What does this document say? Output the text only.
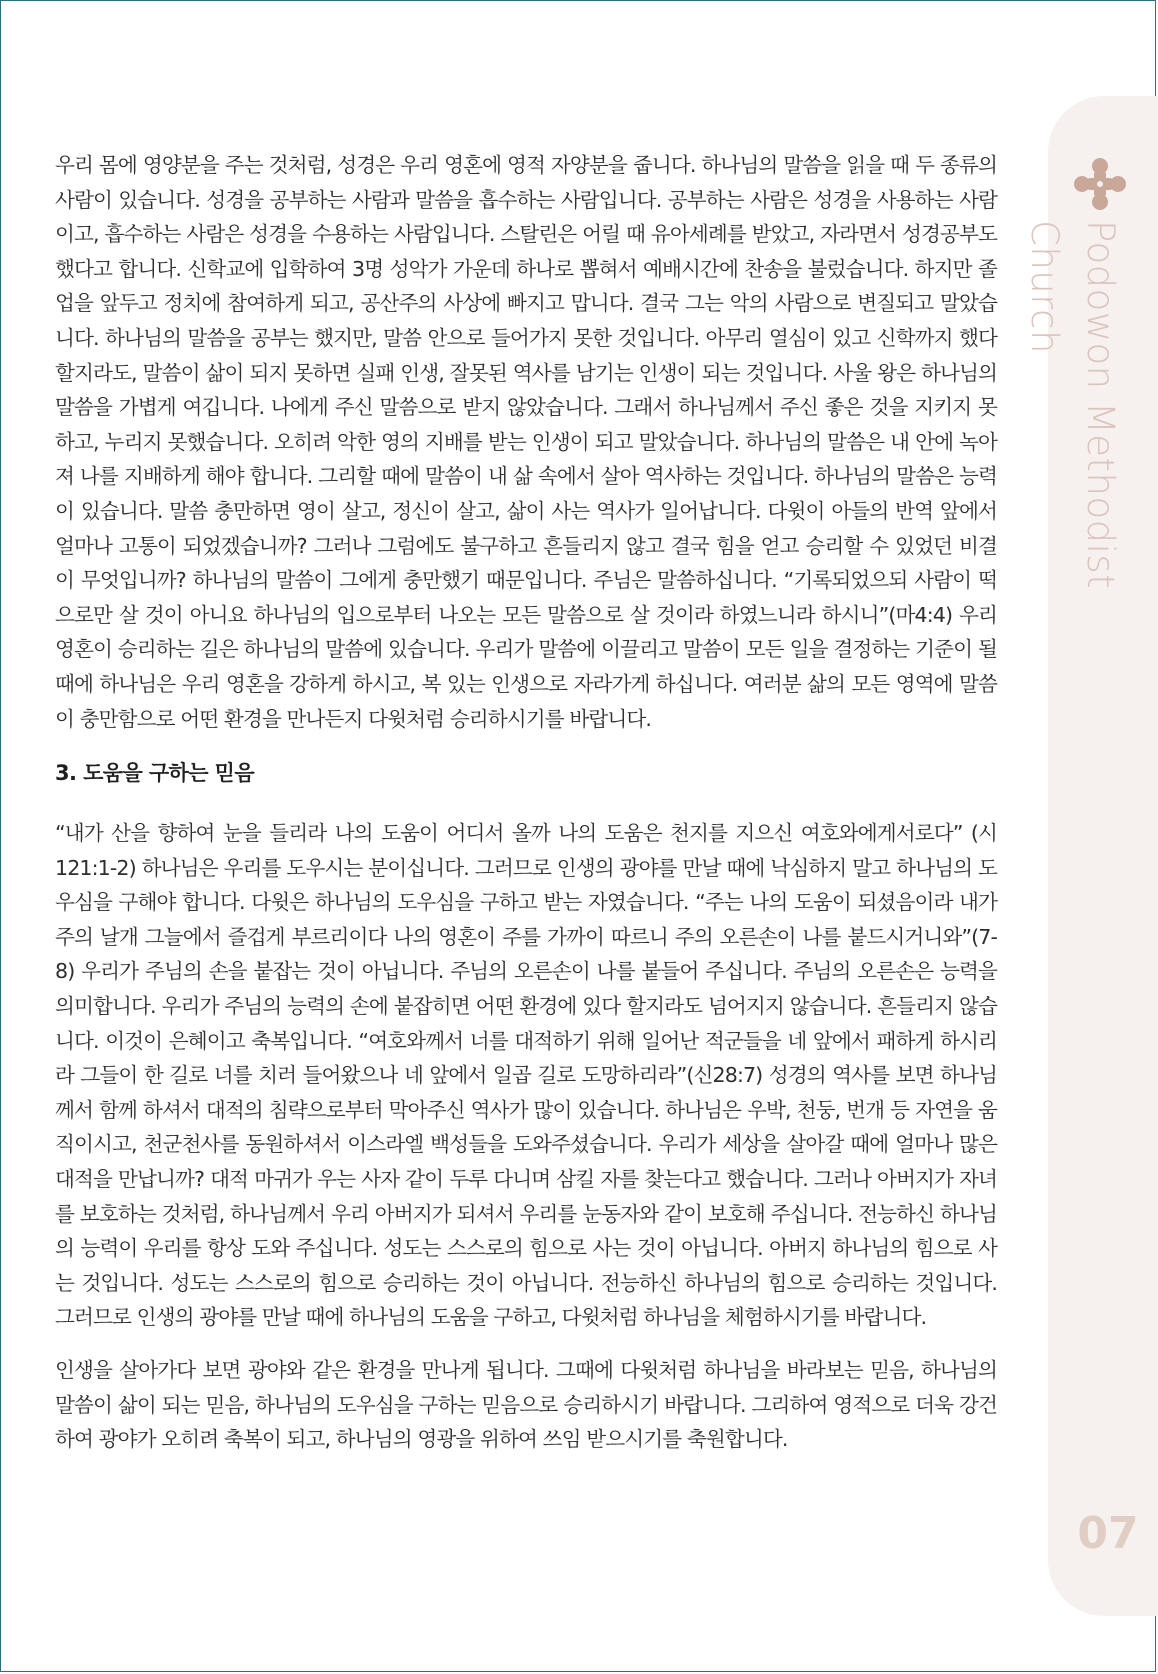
우리 몸에 영양분을 주는 것처럼, 성경은 우리 영혼에 영적 자양분을 줍니다. 하나님의 말씀을 읽을 때 두 종류의 사람이 있습니다. 성경을 공부하는 사람과 말씀을 흡수하는 사람입니다. 공부하는 사람은 성경을 사용하는 사람이고, 흡수하는 사람은 성경을 수용하는 사람입니다. 스탈린은 어릴 때 유아세례를 받았고, 자라면서 성경공부도 했다고 합니다. 신학교에 입학하여 3명 성악가 가운데 하나로 뽑혀서 예배시간에 찬송을 불렀습니다. 하지만 졸업을 앞두고 정치에 참여하게 되고, 공산주의 사상에 빠지고 맙니다. 결국 그는 악의 사람으로 변질되고 말았습니다. 하나님의 말씀을 공부는 했지만, 말씀 안으로 들어가지 못한 것입니다. 아무리 열심이 있고 신학까지 했다 할지라도, 말씀이 삶이 되지 못하면 실패 인생, 잘못된 역사를 남기는 인생이 되는 것입니다. 사울 왕은 하나님의 말씀을 가볍게 여깁니다. 나에게 주신 말씀으로 받지 않았습니다. 그래서 하나님께서 주신 좋은 것을 지키지 못하고, 누리지 못했습니다. 오히려 악한 영의 지배를 받는 인생이 되고 말았습니다. 하나님의 말씀은 내 안에 녹아져 나를 지배하게 해야 합니다. 그리할 때에 말씀이 내 삶 속에서 살아 역사하는 것입니다. 하나님의 말씀은 능력이 있습니다. 말씀 충만하면 영이 살고, 정신이 살고, 삶이 사는 역사가 일어납니다. 다윗이 아들의 반역 앞에서 얼마나 고통이 되었겠습니까? 그러나 그럼에도 불구하고 흔들리지 않고 결국 힘을 얻고 승리할 수 있었던 비결이 무엇입니까? 하나님의 말씀이 그에게 충만했기 때문입니다. 주님은 말씀하십니다. “기록되었으되 사람이 떡으로만 살 것이 아니요 하나님의 입으로부터 나오는 모든 말씀으로 살 것이라 하였느니라 하시니”(마4:4) 우리 영혼이 승리하는 길은 하나님의 말씀에 있습니다. 우리가 말씀에 이끌리고 말씀이 모든 일을 결정하는 기준이 될 때에 하나님은 우리 영혼을 강하게 하시고, 복 있는 인생으로 자라가게 하십니다. 여러분 삶의 모든 영역에 말씀이 충만함으로 어떤 환경을 만나든지 다윗처럼 승리하시기를 바랍니다.

3. 도움을 구하는 믿음

“내가 산을 향하여 눈을 들리라 나의 도움이 어디서 올까 나의 도움은 천지를 지으신 여호와에게서로다” (시121:1-2) 하나님은 우리를 도우시는 분이십니다. 그러므로 인생의 광야를 만날 때에 낙심하지 말고 하나님의 도우심을 구해야 합니다. 다윗은 하나님의 도우심을 구하고 받는 자였습니다. “주는 나의 도움이 되셨음이라 내가 주의 날개 그늘에서 즐겁게 부르리이다 나의 영혼이 주를 가까이 따르니 주의 오른손이 나를 붙드시거니와”(7-8) 우리가 주님의 손을 붙잡는 것이 아닙니다. 주님의 오른손이 나를 붙들어 주십니다. 주님의 오른손은 능력을 의미합니다. 우리가 주님의 능력의 손에 붙잡히면 어떤 환경에 있다 할지라도 넘어지지 않습니다. 흔들리지 않습니다. 이것이 은혜이고 축복입니다. “여호와께서 너를 대적하기 위해 일어난 적군들을 네 앞에서 패하게 하시리라 그들이 한 길로 너를 치러 들어왔으나 네 앞에서 일곱 길로 도망하리라”(신28:7) 성경의 역사를 보면 하나님께서 함께 하셔서 대적의 침략으로부터 막아주신 역사가 많이 있습니다. 하나님은 우박, 천둥, 번개 등 자연을 움직이시고, 천군천사를 동원하셔서 이스라엘 백성들을 도와주셨습니다. 우리가 세상을 살아갈 때에 얼마나 많은 대적을 만납니까? 대적 마귀가 우는 사자 같이 두루 다니며 삼킬 자를 찾는다고 했습니다. 그러나 아버지가 자녀를 보호하는 것처럼, 하나님께서 우리 아버지가 되셔서 우리를 눈동자와 같이 보호해 주십니다. 전능하신 하나님의 능력이 우리를 항상 도와 주십니다. 성도는 스스로의 힘으로 사는 것이 아닙니다. 아버지 하나님의 힘으로 사는 것입니다. 성도는 스스로의 힘으로 승리하는 것이 아닙니다. 전능하신 하나님의 힘으로 승리하는 것입니다. 그러므로 인생의 광야를 만날 때에 하나님의 도움을 구하고, 다윗처럼 하나님을 체험하시기를 바랍니다.

인생을 살아가다 보면 광야와 같은 환경을 만나게 됩니다. 그때에 다윗처럼 하나님을 바라보는 믿음, 하나님의 말씀이 삶이 되는 믿음, 하나님의 도우심을 구하는 믿음으로 승리하시기 바랍니다. 그리하여 영적으로 더욱 강건하여 광야가 오히려 축복이 되고, 하나님의 영광을 위하여 쓰임 받으시기를 축원합니다.

Podowon Methodist Church
07
